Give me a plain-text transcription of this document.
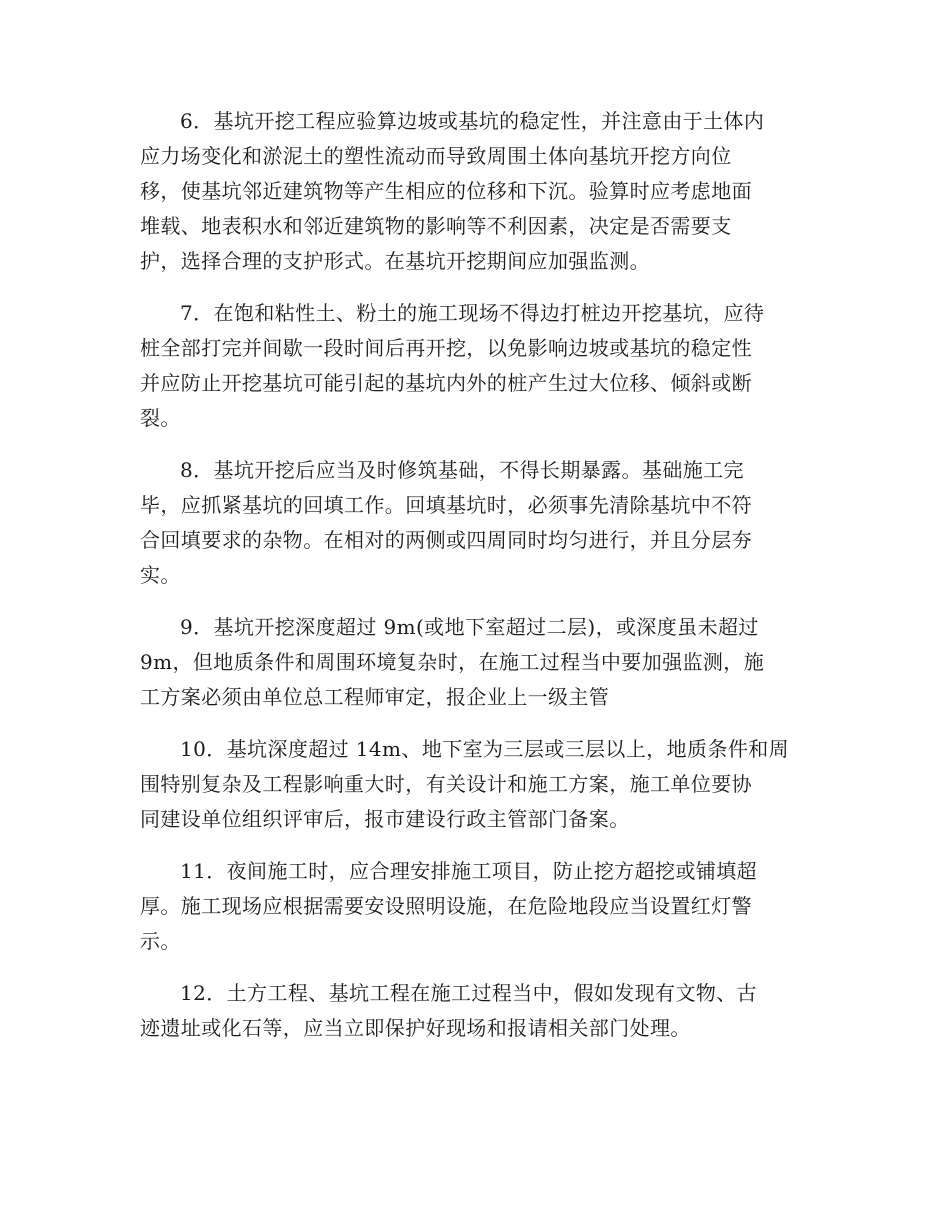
6．基坑开挖工程应验算边坡或基坑的稳定性，并注意由于土体内
应力场变化和淤泥土的塑性流动而导致周围土体向基坑开挖方向位
移，使基坑邻近建筑物等产生相应的位移和下沉。验算时应考虑地面
堆载、地表积水和邻近建筑物的影响等不利因素，决定是否需要支
护，选择合理的支护形式。在基坑开挖期间应加强监测。

7．在饱和粘性土、粉土的施工现场不得边打桩边开挖基坑，应待
桩全部打完并间歇一段时间后再开挖，以免影响边坡或基坑的稳定性
并应防止开挖基坑可能引起的基坑内外的桩产生过大位移、倾斜或断
裂。

8．基坑开挖后应当及时修筑基础，不得长期暴露。基础施工完
毕，应抓紧基坑的回填工作。回填基坑时，必须事先清除基坑中不符
合回填要求的杂物。在相对的两侧或四周同时均匀进行，并且分层夯
实。

9．基坑开挖深度超过 9m(或地下室超过二层)，或深度虽未超过
9m，但地质条件和周围环境复杂时，在施工过程当中要加强监测，施
工方案必须由单位总工程师审定，报企业上一级主管

10．基坑深度超过 14m、地下室为三层或三层以上，地质条件和周
围特别复杂及工程影响重大时，有关设计和施工方案，施工单位要协
同建设单位组织评审后，报市建设行政主管部门备案。

11．夜间施工时，应合理安排施工项目，防止挖方超挖或铺填超
厚。施工现场应根据需要安设照明设施，在危险地段应当设置红灯警
示。

12．土方工程、基坑工程在施工过程当中，假如发现有文物、古
迹遗址或化石等，应当立即保护好现场和报请相关部门处理。
